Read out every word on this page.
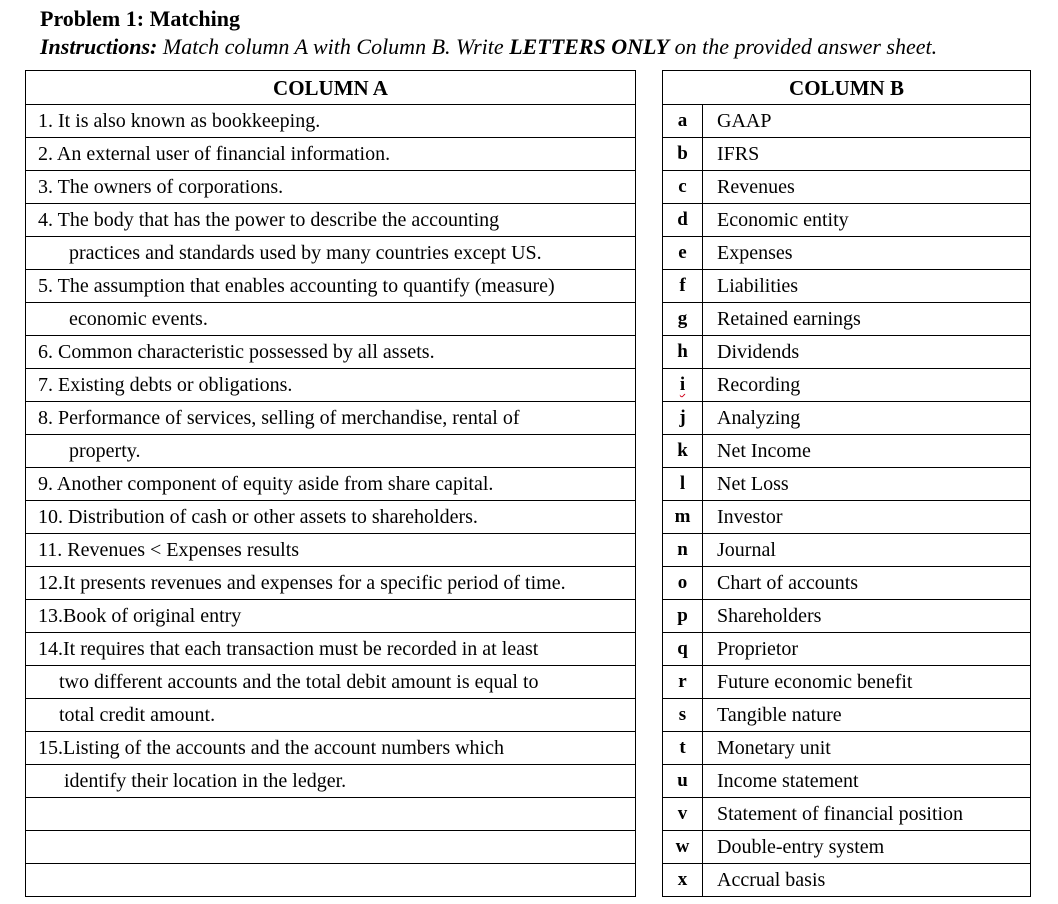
Problem 1: Matching
Instructions: Match column A with Column B. Write LETTERS ONLY on the provided answer sheet.
COLUMN A
1. It is also known as bookkeeping.
2. An external user of financial information.
3. The owners of corporations.
4. The body that has the power to describe the accounting
practices and standards used by many countries except US.
5. The assumption that enables accounting to quantify (measure)
economic events.
6. Common characteristic possessed by all assets.
7. Existing debts or obligations.
8. Performance of services, selling of merchandise, rental of
property.
9. Another component of equity aside from share capital.
10. Distribution of cash or other assets to shareholders.
11. Revenues < Expenses results
12.It presents revenues and expenses for a specific period of time.
13.Book of original entry
14.It requires that each transaction must be recorded in at least
two different accounts and the total debit amount is equal to
total credit amount.
15.Listing of the accounts and the account numbers which
identify their location in the ledger.

COLUMN B	
a	GAAP
b	IFRS
c	Revenues
d	Economic entity
e	Expenses
f	Liabilities
g	Retained earnings
h	Dividends
i	Recording
j	Analyzing
k	Net Income
l	Net Loss
m	Investor
n	Journal
o	Chart of accounts
p	Shareholders
q	Proprietor
r	Future economic benefit
s	Tangible nature
t	Monetary unit
u	Income statement
v	Statement of financial position
w	Double-entry system
x	Accrual basis
